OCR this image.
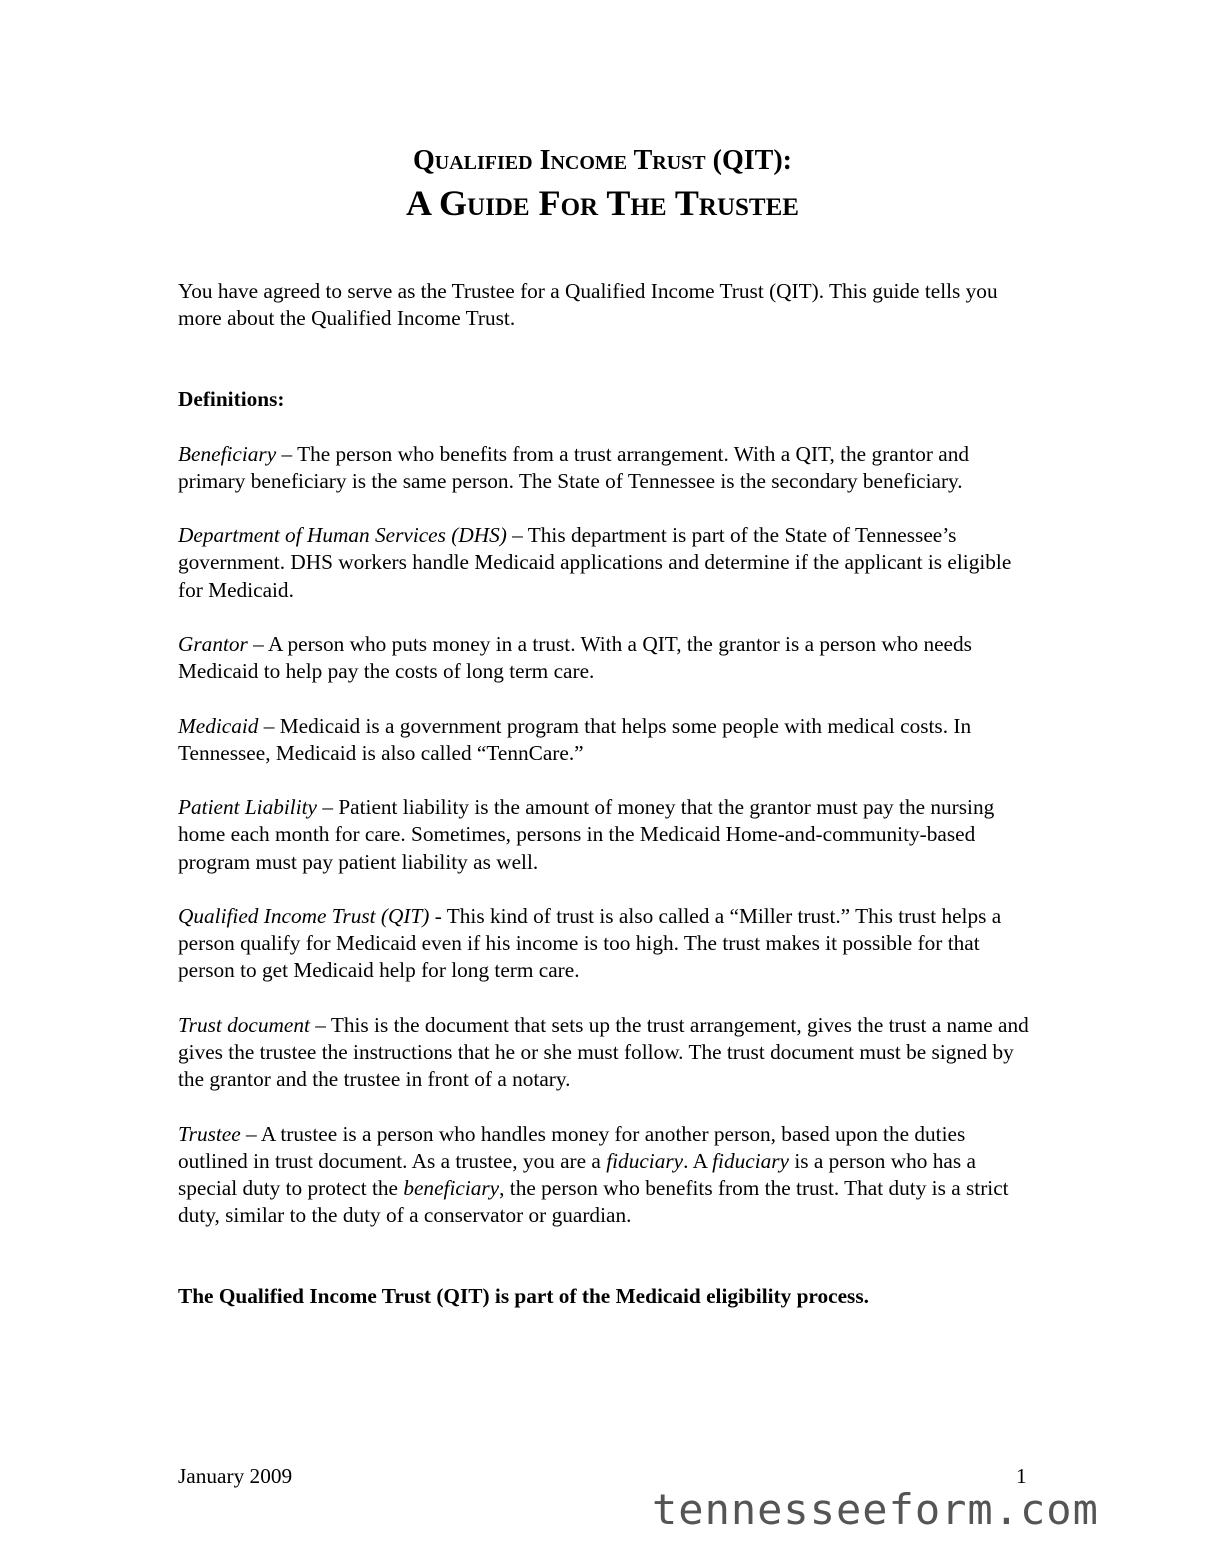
Qualified Income Trust (QIT):
A Guide For The Trustee

You have agreed to serve as the Trustee for a Qualified Income Trust (QIT). This guide tells you more about the Qualified Income Trust.

Definitions:

Beneficiary – The person who benefits from a trust arrangement. With a QIT, the grantor and primary beneficiary is the same person. The State of Tennessee is the secondary beneficiary.

Department of Human Services (DHS) – This department is part of the State of Tennessee’s government. DHS workers handle Medicaid applications and determine if the applicant is eligible for Medicaid.

Grantor – A person who puts money in a trust. With a QIT, the grantor is a person who needs Medicaid to help pay the costs of long term care.

Medicaid – Medicaid is a government program that helps some people with medical costs. In Tennessee, Medicaid is also called “TennCare.”

Patient Liability – Patient liability is the amount of money that the grantor must pay the nursing home each month for care. Sometimes, persons in the Medicaid Home-and-community-based program must pay patient liability as well.

Qualified Income Trust (QIT) - This kind of trust is also called a “Miller trust.” This trust helps a person qualify for Medicaid even if his income is too high. The trust makes it possible for that person to get Medicaid help for long term care.

Trust document – This is the document that sets up the trust arrangement, gives the trust a name and gives the trustee the instructions that he or she must follow. The trust document must be signed by the grantor and the trustee in front of a notary.

Trustee – A trustee is a person who handles money for another person, based upon the duties outlined in trust document. As a trustee, you are a fiduciary. A fiduciary is a person who has a special duty to protect the beneficiary, the person who benefits from the trust. That duty is a strict duty, similar to the duty of a conservator or guardian.

The Qualified Income Trust (QIT) is part of the Medicaid eligibility process.

January 2009	1
tennesseeform.com
